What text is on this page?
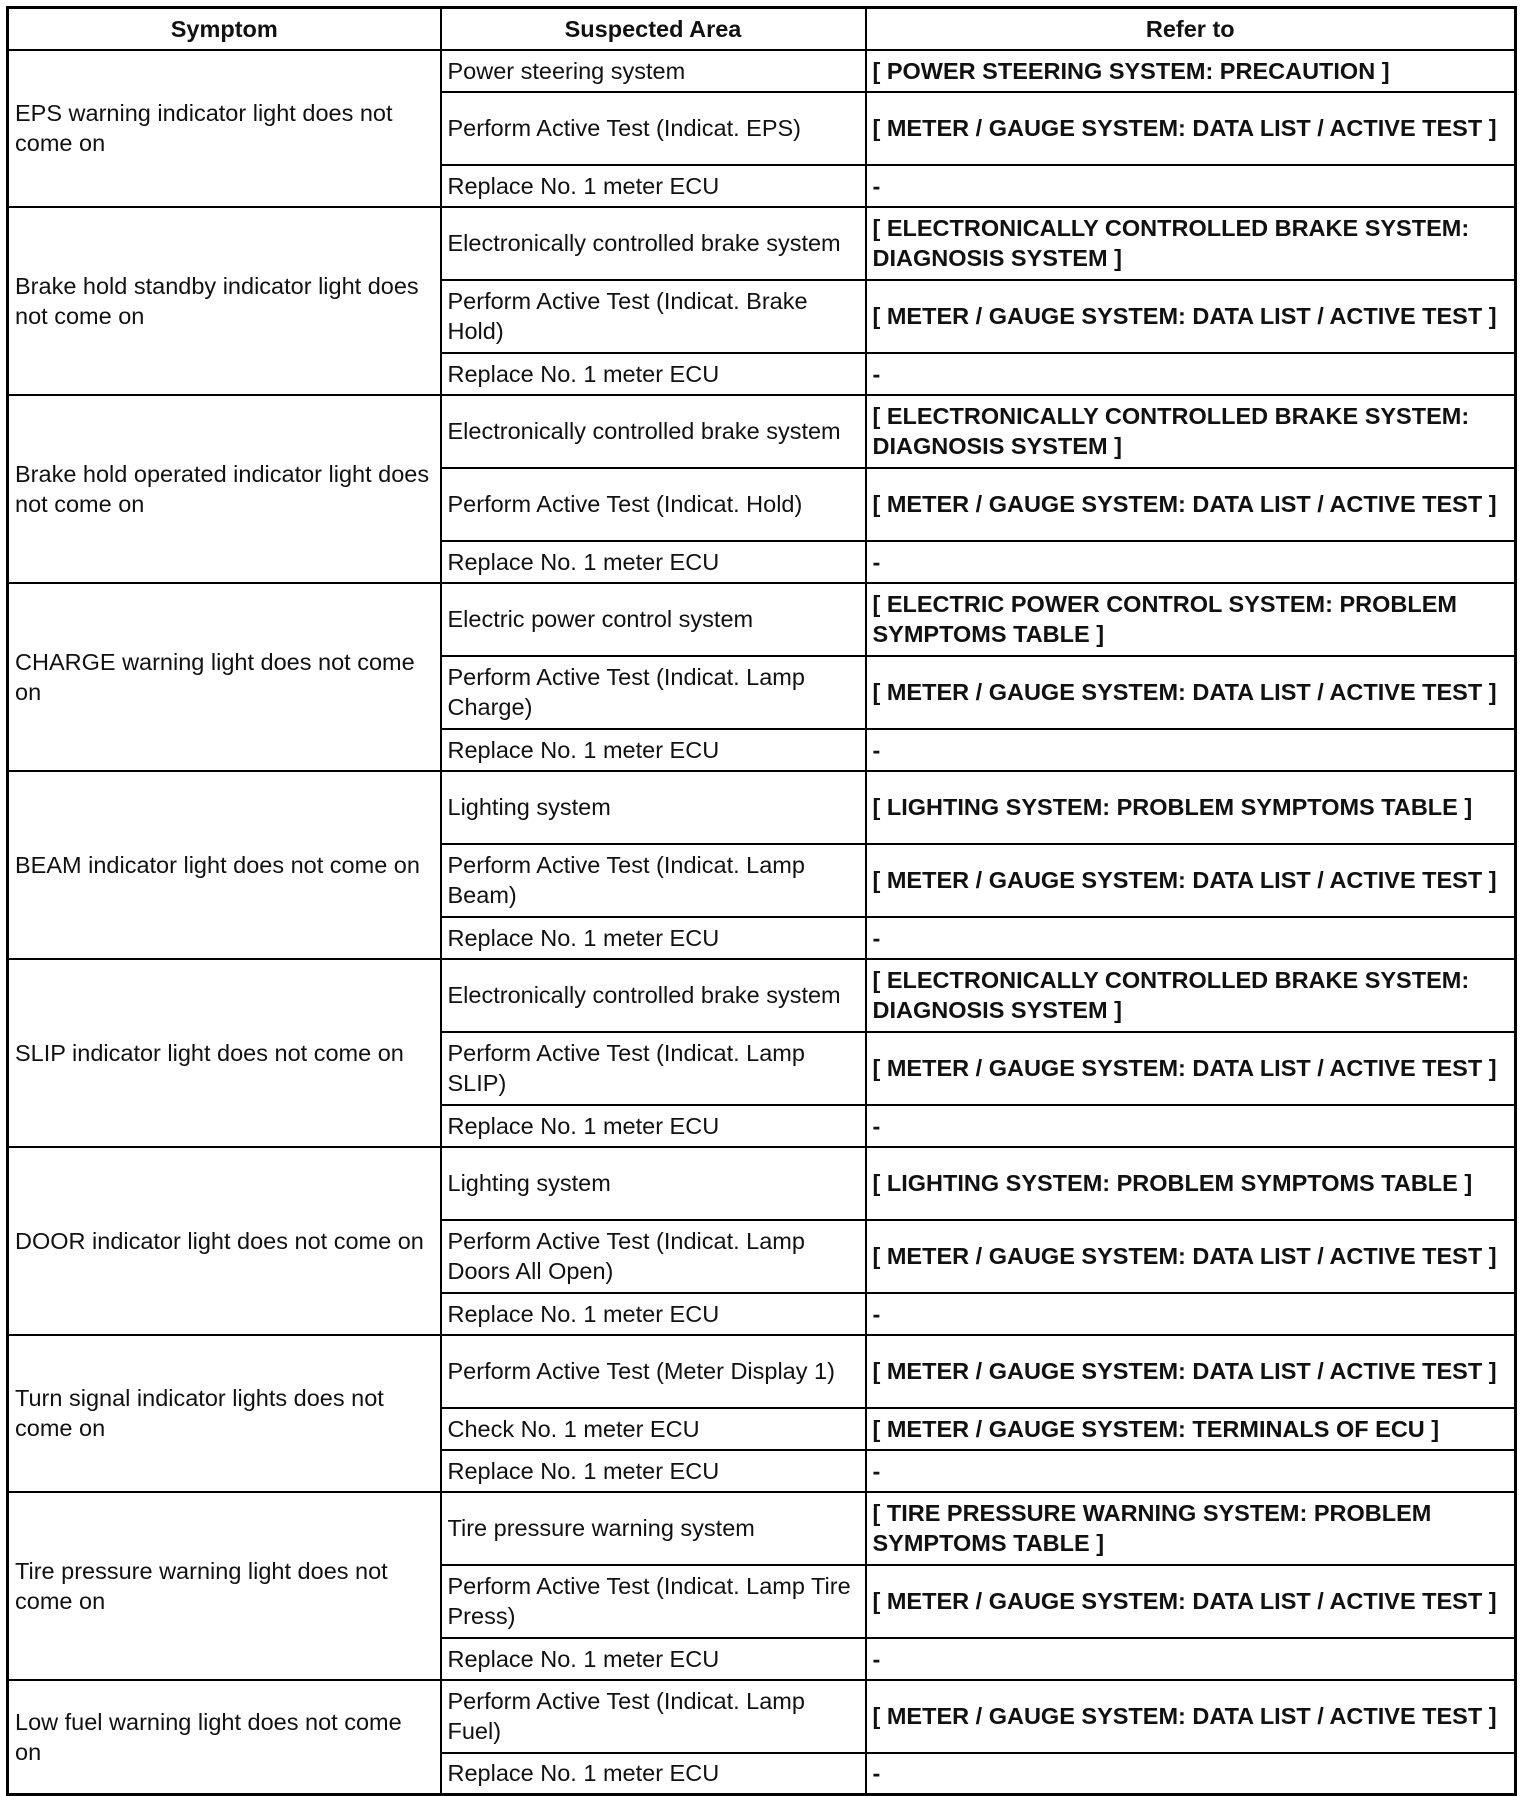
Symptom	Suspected Area	Refer to
EPS warning indicator light does not come on	Power steering system	[ POWER STEERING SYSTEM: PRECAUTION ]
	Perform Active Test (Indicat. EPS)	[ METER / GAUGE SYSTEM: DATA LIST / ACTIVE TEST ]
	Replace No. 1 meter ECU	-
Brake hold standby indicator light does not come on	Electronically controlled brake system	[ ELECTRONICALLY CONTROLLED BRAKE SYSTEM: DIAGNOSIS SYSTEM ]
	Perform Active Test (Indicat. Brake Hold)	[ METER / GAUGE SYSTEM: DATA LIST / ACTIVE TEST ]
	Replace No. 1 meter ECU	-
Brake hold operated indicator light does not come on	Electronically controlled brake system	[ ELECTRONICALLY CONTROLLED BRAKE SYSTEM: DIAGNOSIS SYSTEM ]
	Perform Active Test (Indicat. Hold)	[ METER / GAUGE SYSTEM: DATA LIST / ACTIVE TEST ]
	Replace No. 1 meter ECU	-
CHARGE warning light does not come on	Electric power control system	[ ELECTRIC POWER CONTROL SYSTEM: PROBLEM SYMPTOMS TABLE ]
	Perform Active Test (Indicat. Lamp Charge)	[ METER / GAUGE SYSTEM: DATA LIST / ACTIVE TEST ]
	Replace No. 1 meter ECU	-
BEAM indicator light does not come on	Lighting system	[ LIGHTING SYSTEM: PROBLEM SYMPTOMS TABLE ]
	Perform Active Test (Indicat. Lamp Beam)	[ METER / GAUGE SYSTEM: DATA LIST / ACTIVE TEST ]
	Replace No. 1 meter ECU	-
SLIP indicator light does not come on	Electronically controlled brake system	[ ELECTRONICALLY CONTROLLED BRAKE SYSTEM: DIAGNOSIS SYSTEM ]
	Perform Active Test (Indicat. Lamp SLIP)	[ METER / GAUGE SYSTEM: DATA LIST / ACTIVE TEST ]
	Replace No. 1 meter ECU	-
DOOR indicator light does not come on	Lighting system	[ LIGHTING SYSTEM: PROBLEM SYMPTOMS TABLE ]
	Perform Active Test (Indicat. Lamp Doors All Open)	[ METER / GAUGE SYSTEM: DATA LIST / ACTIVE TEST ]
	Replace No. 1 meter ECU	-
Turn signal indicator lights does not come on	Perform Active Test (Meter Display 1)	[ METER / GAUGE SYSTEM: DATA LIST / ACTIVE TEST ]
	Check No. 1 meter ECU	[ METER / GAUGE SYSTEM: TERMINALS OF ECU ]
	Replace No. 1 meter ECU	-
Tire pressure warning light does not come on	Tire pressure warning system	[ TIRE PRESSURE WARNING SYSTEM: PROBLEM SYMPTOMS TABLE ]
	Perform Active Test (Indicat. Lamp Tire Press)	[ METER / GAUGE SYSTEM: DATA LIST / ACTIVE TEST ]
	Replace No. 1 meter ECU	-
Low fuel warning light does not come on	Perform Active Test (Indicat. Lamp Fuel)	[ METER / GAUGE SYSTEM: DATA LIST / ACTIVE TEST ]
	Replace No. 1 meter ECU	-
